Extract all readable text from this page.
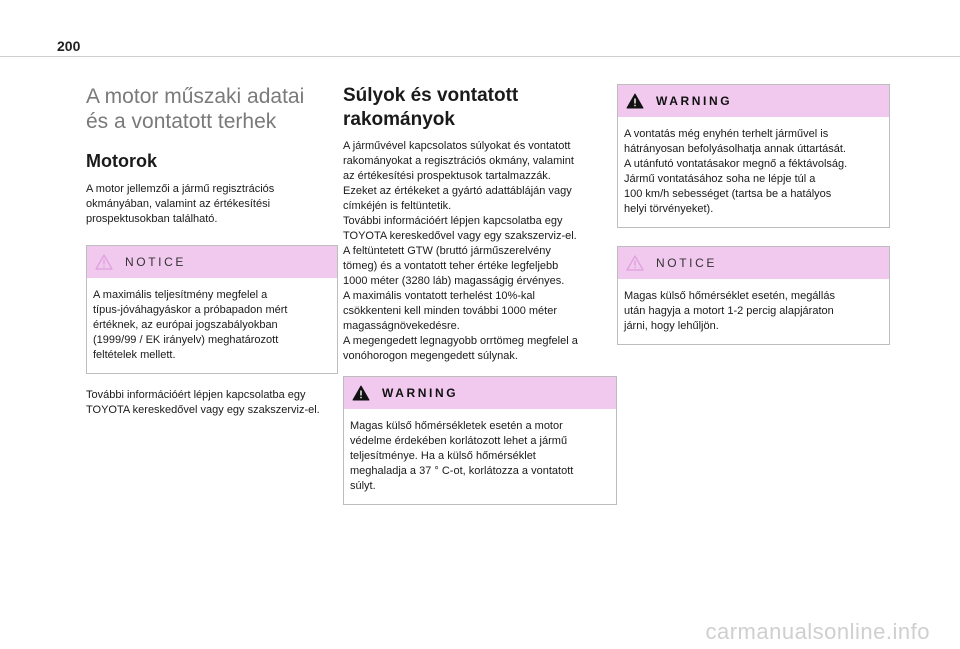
200
A motor műszaki adatai
és a vontatott terhek
Motorok

A motor jellemzői a jármű regisztrációs
okmányában, valamint az értékesítési
prospektusokban található.

NOTICE
A maximális teljesítmény megfelel a
típus-jóváhagyáskor a próbapadon mért
értéknek, az európai jogszabályokban
(1999/99 / EK irányelv) meghatározott
feltételek mellett.

További információért lépjen kapcsolatba egy
TOYOTA kereskedővel vagy egy szakszerviz-el.

Súlyok és vontatott
rakományok

A járművével kapcsolatos súlyokat és vontatott
rakományokat a regisztrációs okmány, valamint
az értékesítési prospektusok tartalmazzák.
Ezeket az értékeket a gyártó adattábláján vagy
címkéjén is feltüntetik.
További információért lépjen kapcsolatba egy
TOYOTA kereskedővel vagy egy szakszerviz-el.
A feltüntetett GTW (bruttó járműszerelvény
tömeg) és a vontatott teher értéke legfeljebb
1000 méter (3280 láb) magasságig érvényes.
A maximális vontatott terhelést 10%-kal
csökkenteni kell minden további 1000 méter
magasságnövekedésre.
A megengedett legnagyobb orrtömeg megfelel a
vonóhorogon megengedett súlynak.

WARNING
Magas külső hőmérsékletek esetén a motor
védelme érdekében korlátozott lehet a jármű
teljesítménye. Ha a külső hőmérséklet
meghaladja a 37 ° C-ot, korlátozza a vontatott
súlyt.
WARNING
A vontatás még enyhén terhelt járművel is
hátrányosan befolyásolhatja annak úttartását.
A utánfutó vontatásakor megnő a féktávolság.
Jármű vontatásához soha ne lépje túl a
100 km/h sebességet (tartsa be a hatályos
helyi törvényeket).
NOTICE
Magas külső hőmérséklet esetén, megállás
után hagyja a motort 1-2 percig alapjáraton
járni, hogy lehűljön.
carmanualsonline.info
